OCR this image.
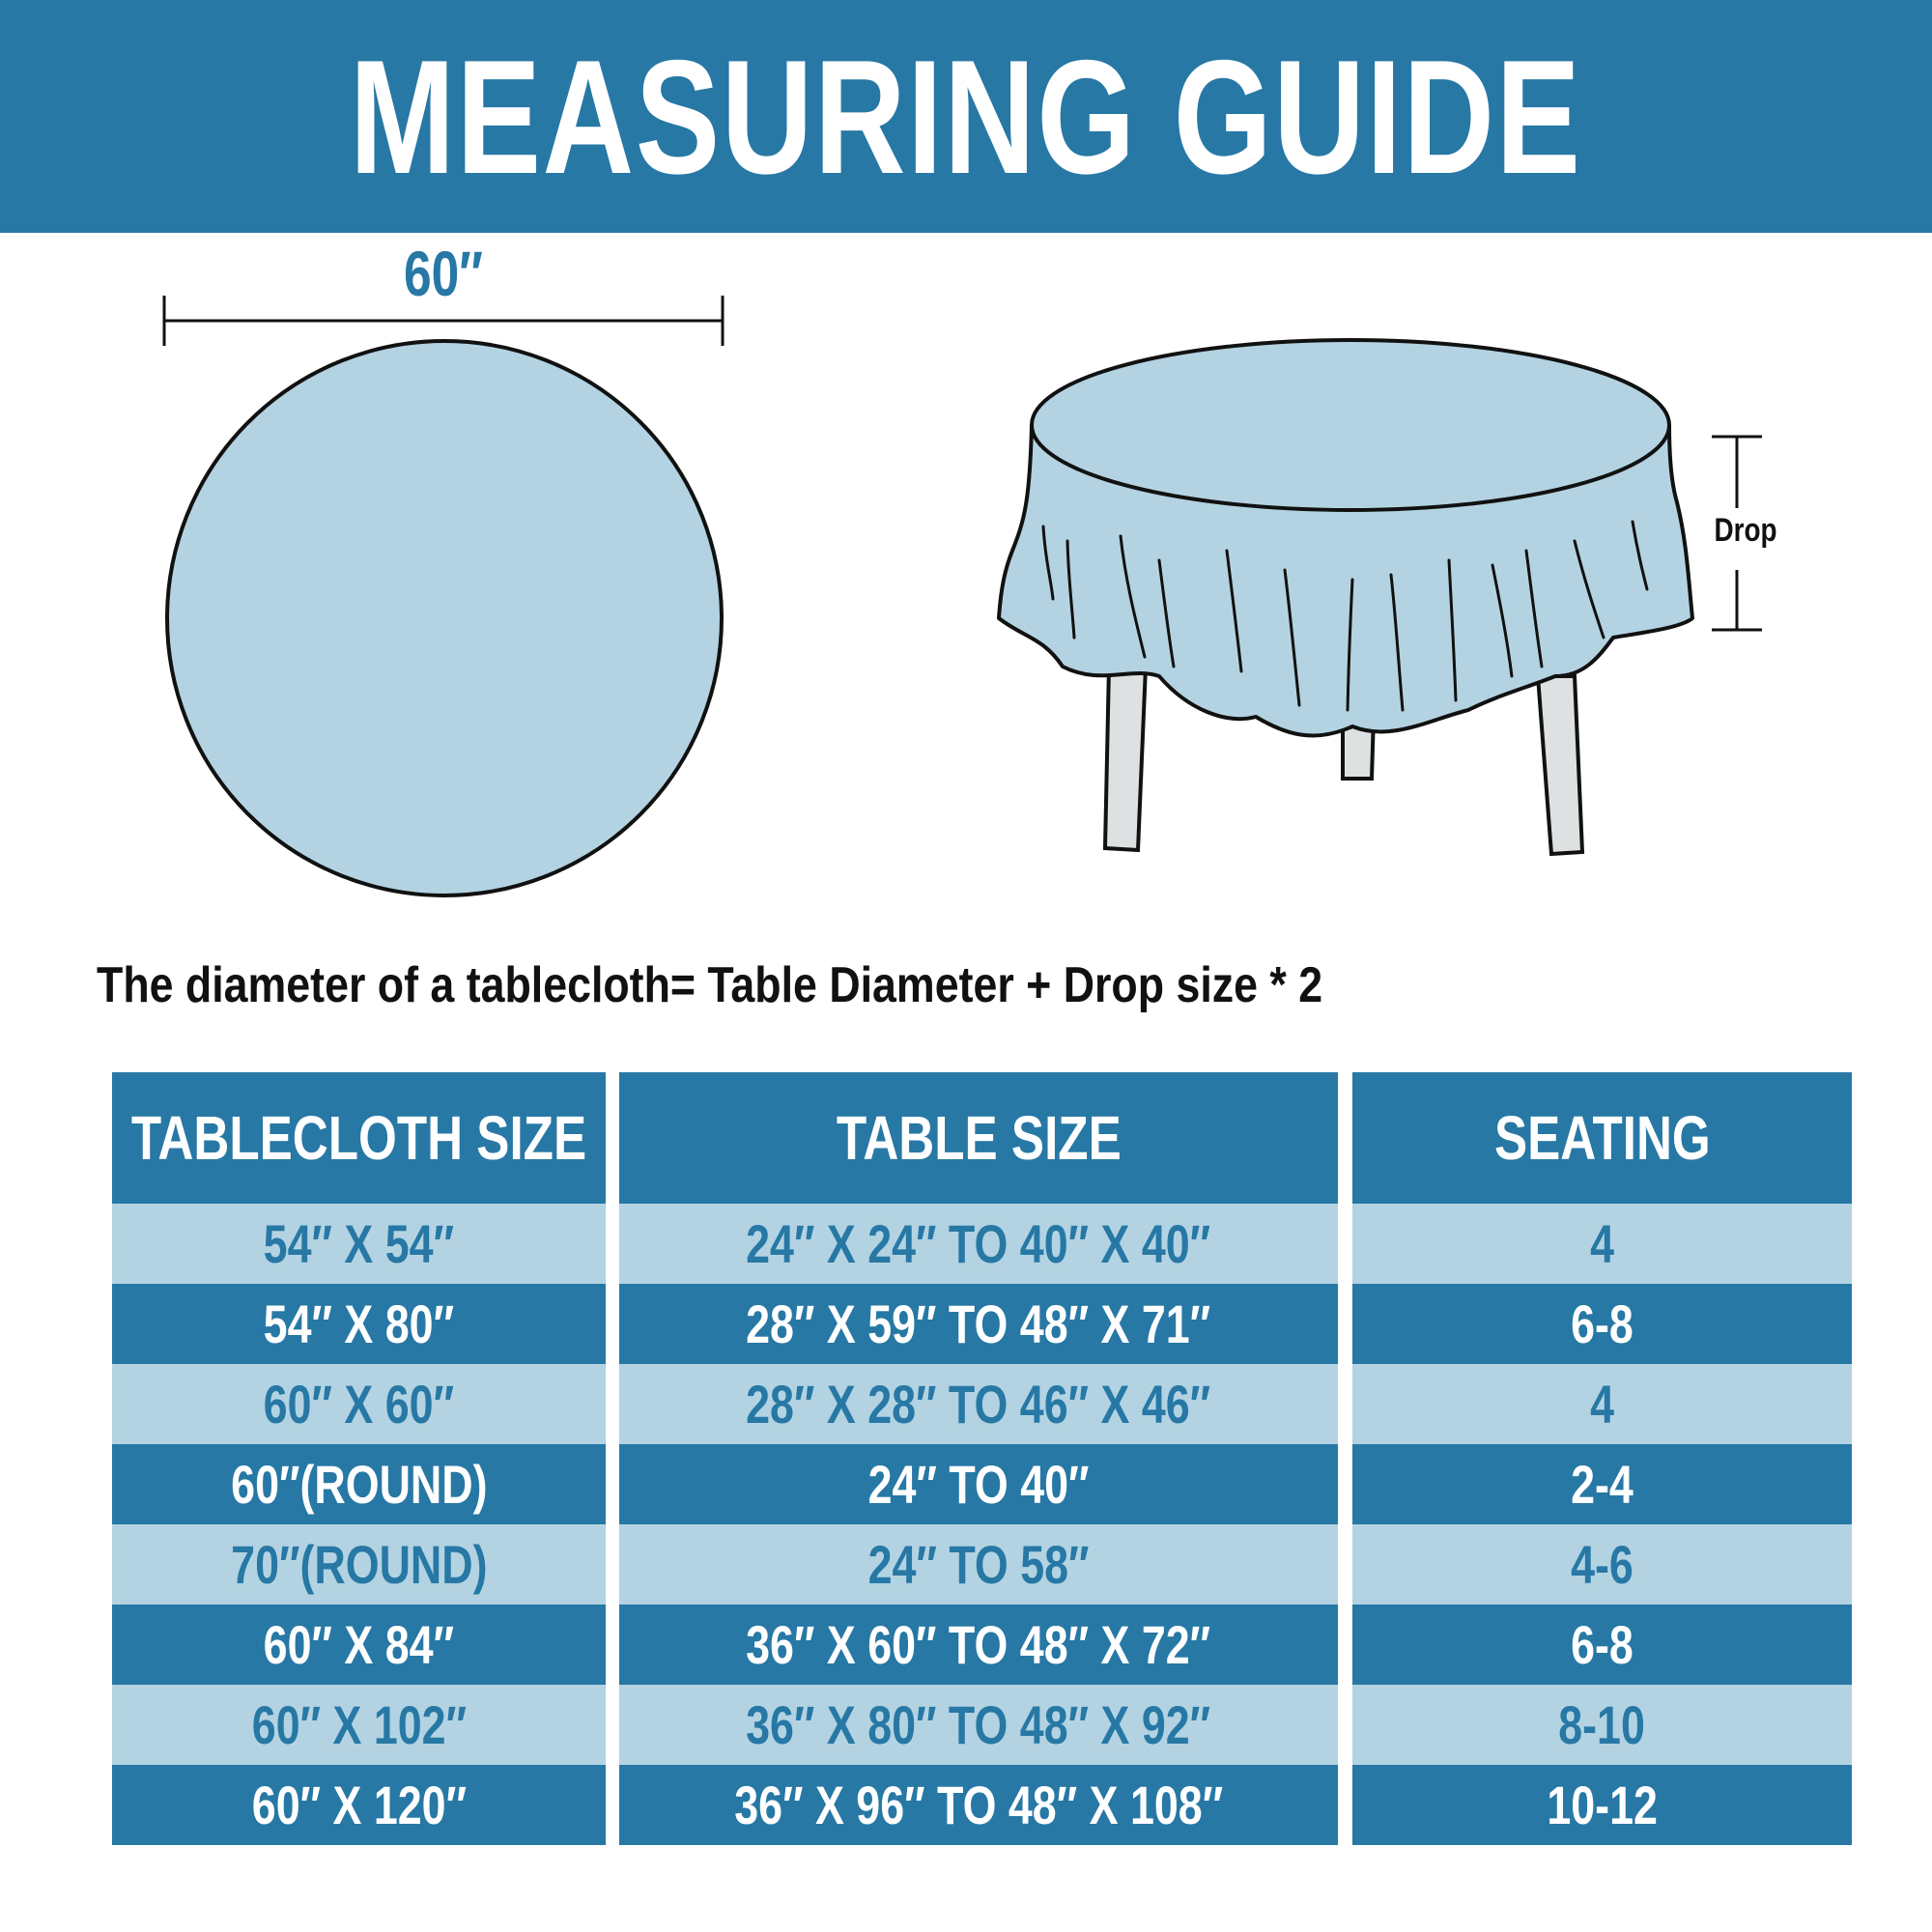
MEASURING GUIDE
60″
Drop
The diameter of a tablecloth= Table Diameter + Drop size * 2
TABLECLOTH SIZE
54″ X 54″
54″ X 80″
60″ X 60″
60″(ROUND)
70″(ROUND)
60″ X 84″
60″ X 102″
60″ X 120″
TABLE SIZE
24″ X 24″ TO 40″ X 40″
28″ X 59″ TO 48″ X 71″
28″ X 28″ TO 46″ X 46″
24″ TO 40″
24″ TO 58″
36″ X 60″ TO 48″ X 72″
36″ X 80″ TO 48″ X 92″
36″ X 96″ TO 48″ X 108″
SEATING
4
6-8
4
2-4
4-6
6-8
8-10
10-12
